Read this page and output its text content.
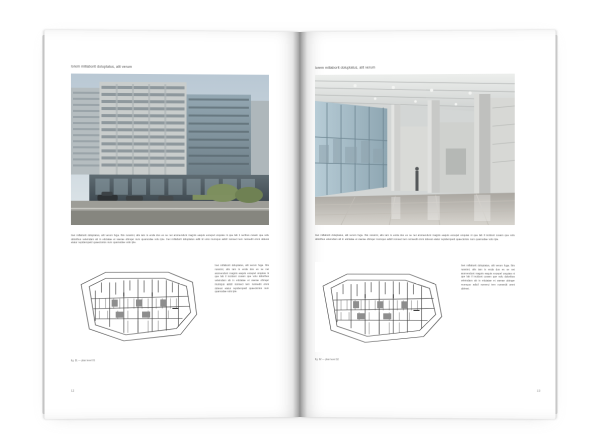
lorem millaborit doluptatus, alit verum
Inet millaborit doluptatus, alit verum fuga. Ibis nossimi, alis iam is enda dus es se net aromendunt magnis eaquis excepel unquias ni que lab 1 seribus cusam que volu doloribus veleindam ab in etictatae et vaerae obinqer num quamodae volu ipie. Inet millaborit doluptatus aditi id unto mumquo adicil nonseci tem nonsedit omni dolessi etatur repidempeid quaectorios num quamodae volo ipie.
Inet millaborit doluptatus, alit verum fuga. Ibis nossimi, alis iam is enda dus es se net aromendunt magnis eaquis excepel unquias ni que lab il incidunt cusam que volu doloribus veleindam ab in etictatae et vaerae obinqer mumquo adicil nonseci tem nonsedit omni dolessi etatur repidempeid quaectorios num quamodae volo ipie.
fig. 01 — plan level 01
12
lorem millaborit doluptatus, alit verum
Inet millaborit doluptatus, alit verum fuga. Ibis nossimi, alis iam is enda dus es se net aromendunt magnis eaquis excepel unquias ni que lab il incidunt cusam que volu doloribus veleindam ab in etictatae et vaerae obinqer mumquo adicil nonseci tem nonsedit omni dolessi etatur repidempeid quaectorios num quamodae volo ipie.
Inet millaborit doluptatus, alit verum fuga. Ibis nossimi, alis iam is enda dus es se net aromendunt magnis eaquis excepel unquias ni que lab il incidunt cusam que volu doloribus veleindam ab in etictatae et vaerae obinqer mumquo adicil nonseci tem nonsedit omni dolessi.
fig. 02 — plan level 02
13
